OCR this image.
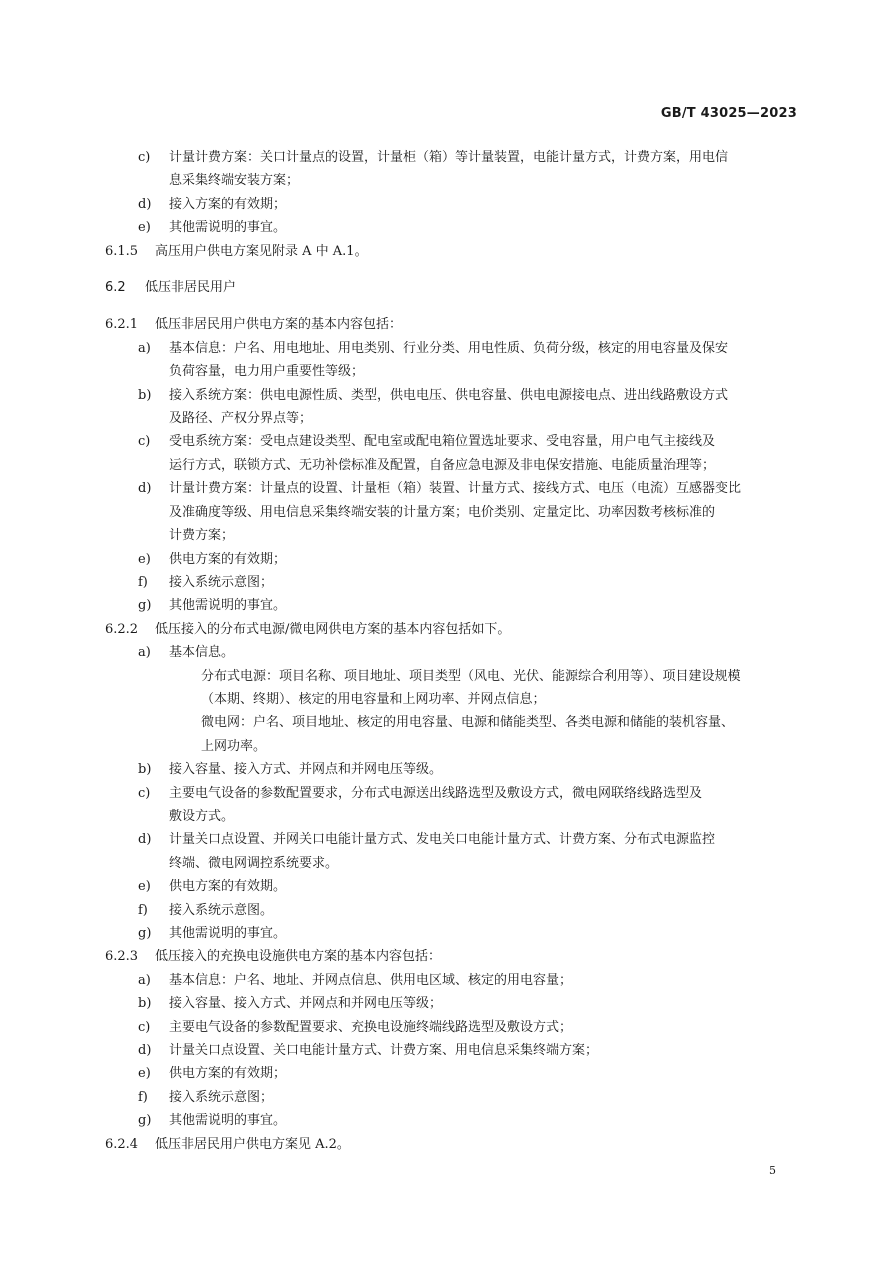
GB/T 43025—2023
c) 计量计费方案：关口计量点的设置，计量柜（箱）等计量装置，电能计量方式，计费方案，用电信
息采集终端安装方案；
d) 接入方案的有效期；
e) 其他需说明的事宜。
6.1.5 高压用户供电方案见附录 A 中 A.1。
6.2 低压非居民用户
6.2.1 低压非居民用户供电方案的基本内容包括：
a) 基本信息：户名、用电地址、用电类别、行业分类、用电性质、负荷分级，核定的用电容量及保安
负荷容量，电力用户重要性等级；
b) 接入系统方案：供电电源性质、类型，供电电压、供电容量、供电电源接电点、进出线路敷设方式
及路径、产权分界点等；
c) 受电系统方案：受电点建设类型、配电室或配电箱位置选址要求、受电容量，用户电气主接线及
运行方式，联锁方式、无功补偿标准及配置，自备应急电源及非电保安措施、电能质量治理等；
d) 计量计费方案：计量点的设置、计量柜（箱）装置、计量方式、接线方式、电压（电流）互感器变比
及准确度等级、用电信息采集终端安装的计量方案；电价类别、定量定比、功率因数考核标准的
计费方案；
e) 供电方案的有效期；
f) 接入系统示意图；
g) 其他需说明的事宜。
6.2.2 低压接入的分布式电源/微电网供电方案的基本内容包括如下。
a) 基本信息。
分布式电源：项目名称、项目地址、项目类型（风电、光伏、能源综合利用等）、项目建设规模
（本期、终期）、核定的用电容量和上网功率、并网点信息；
微电网：户名、项目地址、核定的用电容量、电源和储能类型、各类电源和储能的装机容量、
上网功率。
b) 接入容量、接入方式、并网点和并网电压等级。
c) 主要电气设备的参数配置要求，分布式电源送出线路选型及敷设方式，微电网联络线路选型及
敷设方式。
d) 计量关口点设置、并网关口电能计量方式、发电关口电能计量方式、计费方案、分布式电源监控
终端、微电网调控系统要求。
e) 供电方案的有效期。
f) 接入系统示意图。
g) 其他需说明的事宜。
6.2.3 低压接入的充换电设施供电方案的基本内容包括：
a) 基本信息：户名、地址、并网点信息、供用电区域、核定的用电容量；
b) 接入容量、接入方式、并网点和并网电压等级；
c) 主要电气设备的参数配置要求、充换电设施终端线路选型及敷设方式；
d) 计量关口点设置、关口电能计量方式、计费方案、用电信息采集终端方案；
e) 供电方案的有效期；
f) 接入系统示意图；
g) 其他需说明的事宜。
6.2.4 低压非居民用户供电方案见 A.2。
5
